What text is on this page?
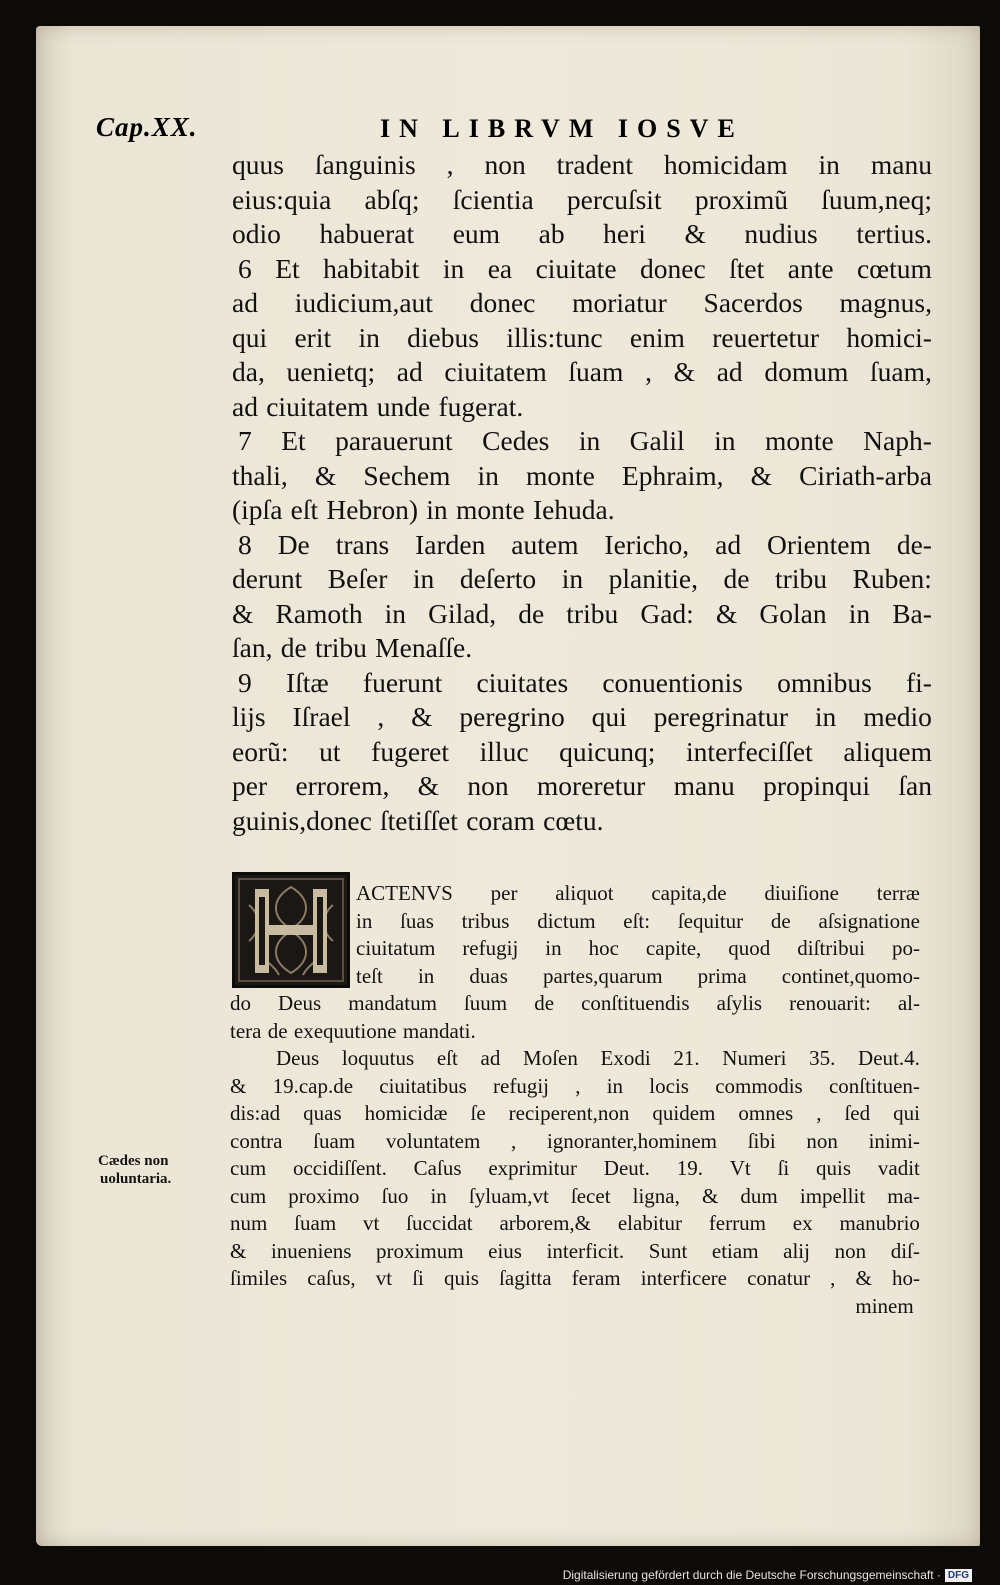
Cap.XX.	IN LIBRVM IOSVE
quus ſanguinis , non tradent homicidam in manu
eius:quia abſq; ſcientia percuſsit proximũ ſuum,neq;
odio habuerat eum ab heri & nudius tertius.
6 Et habitabit in ea ciuitate donec ſtet ante cœtum
ad iudicium,aut donec moriatur Sacerdos magnus,
qui erit in diebus illis:tunc enim reuertetur homici-
da, uenietq; ad ciuitatem ſuam , & ad domum ſuam,
ad ciuitatem unde fugerat.
7 Et parauerunt Cedes in Galil in monte Naph-
thali, & Sechem in monte Ephraim, & Ciriath-arba
(ipſa eſt Hebron) in monte Iehuda.
8 De trans Iarden autem Iericho, ad Orientem de-
derunt Beſer in deſerto in planitie, de tribu Ruben:
& Ramoth in Gilad, de tribu Gad: & Golan in Ba-
ſan, de tribu Menaſſe.
9 Iſtæ fuerunt ciuitates conuentionis omnibus fi-
lijs Iſrael , & peregrino qui peregrinatur in medio
eorũ: ut fugeret illuc quicunq; interfeciſſet aliquem
per errorem, & non moreretur manu propinqui ſan
guinis,donec ſtetiſſet coram cœtu.
ACTENVS per aliquot capita,de diuiſione terræ
in ſuas tribus dictum eſt: ſequitur de aſsignatione
ciuitatum refugij in hoc capite, quod diſtribui po-
teſt in duas partes,quarum prima continet,quomo-
do Deus mandatum ſuum de conſtituendis aſylis renouarit: al-
tera de exequutione mandati.
Deus loquutus eſt ad Moſen Exodi 21. Numeri 35. Deut.4.
& 19.cap.de ciuitatibus refugij , in locis commodis conſtituen-
dis:ad quas homicidæ ſe reciperent,non quidem omnes , ſed qui
contra ſuam voluntatem , ignoranter,hominem ſibi non inimi-
cum occidiſſent. Caſus exprimitur Deut. 19. Vt ſi quis vadit
cum proximo ſuo in ſyluam,vt ſecet ligna, & dum impellit ma-
num ſuam vt ſuccidat arborem,& elabitur ferrum ex manubrio
& inueniens proximum eius interficit. Sunt etiam alij non diſ-
ſimiles caſus, vt ſi quis ſagitta feram interficere conatur , & ho-
minem
Cædes non
uoluntaria.
Digitalisierung gefördert durch die Deutsche Forschungsgemeinschaft · DFG
